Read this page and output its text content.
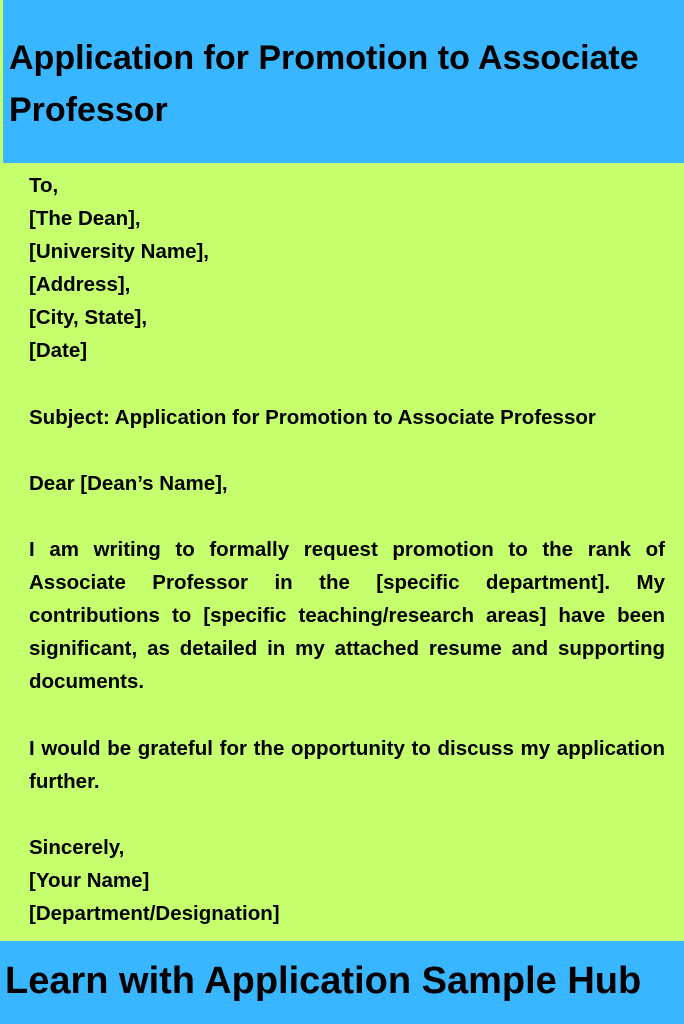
Application for Promotion to Associate Professor
To,
[The Dean],
[University Name],
[Address],
[City, State],
[Date]
Subject: Application for Promotion to Associate Professor
Dear [Dean’s Name],
I am writing to formally request promotion to the rank of Associate Professor in the [specific department]. My contributions to [specific teaching/research areas] have been significant, as detailed in my attached resume and supporting documents.
I would be grateful for the opportunity to discuss my application further.
Sincerely,
[Your Name]
[Department/Designation]
Learn with Application Sample Hub
